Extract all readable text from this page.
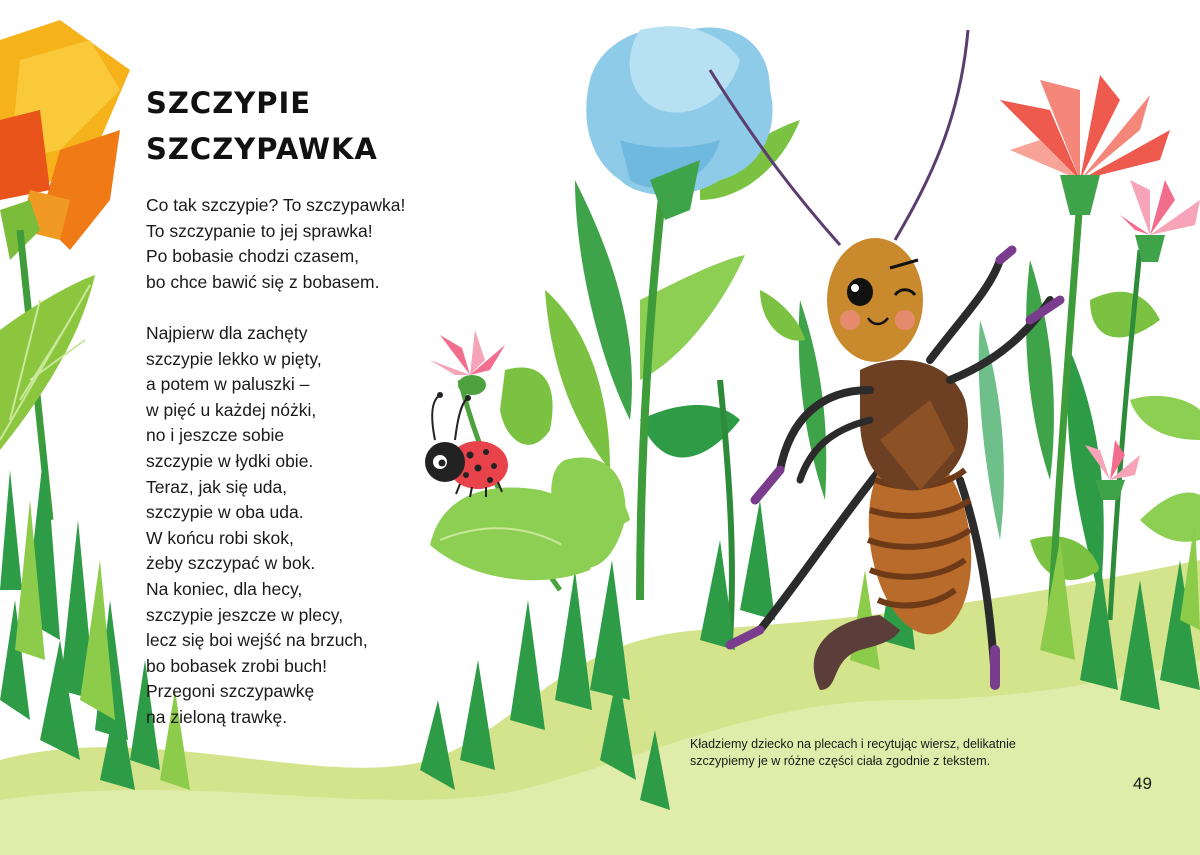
SZCZYPIE
SZCZYPAWKA
Co tak szczypie? To szczypawka!
To szczypanie to jej sprawka!
Po bobasie chodzi czasem,
bo chce bawić się z bobasem.
Najpierw dla zachęty
szczypie lekko w pięty,
a potem w paluszki –
w pięć u każdej nóżki,
no i jeszcze sobie
szczypie w łydki obie.
Teraz, jak się uda,
szczypie w oba uda.
W końcu robi skok,
żeby szczypać w bok.
Na koniec, dla hecy,
szczypie jeszcze w plecy,
lecz się boi wejść na brzuch,
bo bobasek zrobi buch!
Przegoni szczypawkę
na zieloną trawkę.
Kładziemy dziecko na plecach i recytując wiersz, delikatnie
szczypiemy je w różne części ciała zgodnie z tekstem.
49
